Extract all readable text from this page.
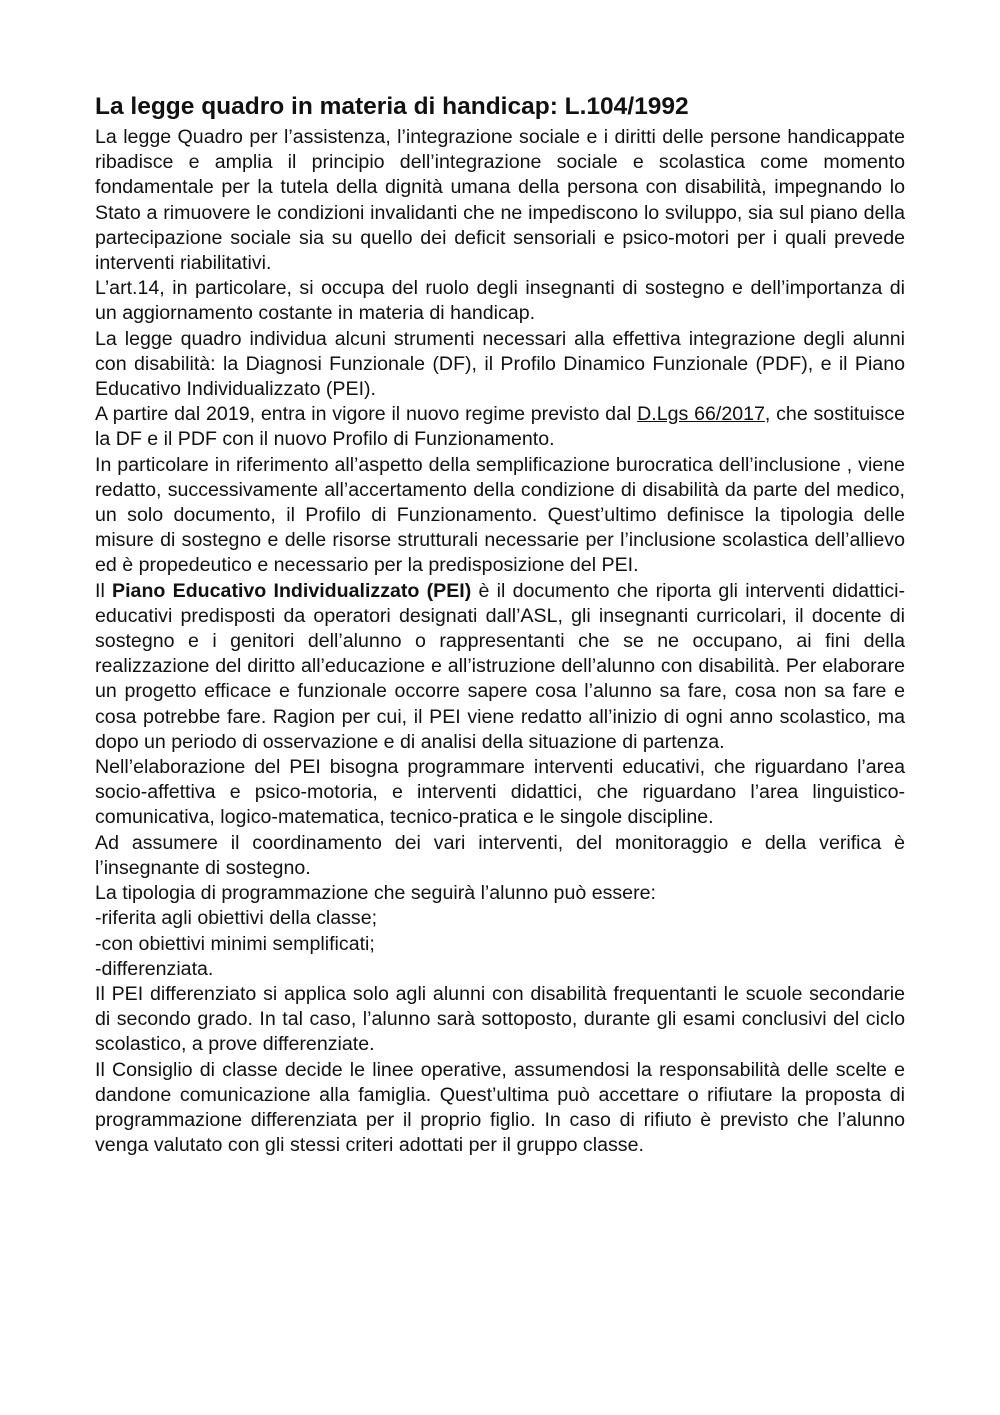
La legge quadro in materia di handicap: L.104/1992

La legge Quadro per l’assistenza, l’integrazione sociale e i diritti delle persone handicappate ribadisce e amplia il principio dell’integrazione sociale e scolastica come momento fondamentale per la tutela della dignità umana della persona con disabilità, impegnando lo Stato a rimuovere le condizioni invalidanti che ne impediscono lo sviluppo, sia sul piano della partecipazione sociale sia su quello dei deficit sensoriali e psico-motori per i quali prevede interventi riabilitativi.

L’art.14, in particolare, si occupa del ruolo degli insegnanti di sostegno e dell’importanza di un aggiornamento costante in materia di handicap.

La legge quadro individua alcuni strumenti necessari alla effettiva integrazione degli alunni con disabilità: la Diagnosi Funzionale (DF), il Profilo Dinamico Funzionale (PDF), e il Piano Educativo Individualizzato (PEI).

A partire dal 2019, entra in vigore il nuovo regime previsto dal D.Lgs 66/2017, che sostituisce la DF e il PDF con il nuovo Profilo di Funzionamento.

In particolare in riferimento all’aspetto della semplificazione burocratica dell’inclusione , viene redatto, successivamente all’accertamento della condizione di disabilità da parte del medico, un solo documento, il Profilo di Funzionamento. Quest’ultimo definisce la tipologia delle misure di sostegno e delle risorse strutturali necessarie per l’inclusione scolastica dell’allievo ed è propedeutico e necessario per la predisposizione del PEI.

Il Piano Educativo Individualizzato (PEI) è il documento che riporta gli interventi didattici-educativi predisposti da operatori designati dall’ASL, gli insegnanti curricolari, il docente di sostegno e i genitori dell’alunno o rappresentanti che se ne occupano, ai fini della realizzazione del diritto all’educazione e all’istruzione dell’alunno con disabilità. Per elaborare un progetto efficace e funzionale occorre sapere cosa l’alunno sa fare, cosa non sa fare e cosa potrebbe fare. Ragion per cui, il PEI viene redatto all’inizio di ogni anno scolastico, ma dopo un periodo di osservazione e di analisi della situazione di partenza.

Nell’elaborazione del PEI bisogna programmare interventi educativi, che riguardano l’area socio-affettiva e psico-motoria, e interventi didattici, che riguardano l’area linguistico-comunicativa, logico-matematica, tecnico-pratica e le singole discipline.

Ad assumere il coordinamento dei vari interventi, del monitoraggio e della verifica è l’insegnante di sostegno.

La tipologia di programmazione che seguirà l’alunno può essere:

-riferita agli obiettivi della classe;

-con obiettivi minimi semplificati;

-differenziata.

Il PEI differenziato si applica solo agli alunni con disabilità frequentanti le scuole secondarie di secondo grado. In tal caso, l’alunno sarà sottoposto, durante gli esami conclusivi del ciclo scolastico, a prove differenziate.

Il Consiglio di classe decide le linee operative, assumendosi la responsabilità delle scelte e dandone comunicazione alla famiglia. Quest’ultima può accettare o rifiutare la proposta di programmazione differenziata per il proprio figlio. In caso di rifiuto è previsto che l’alunno venga valutato con gli stessi criteri adottati per il gruppo classe.
